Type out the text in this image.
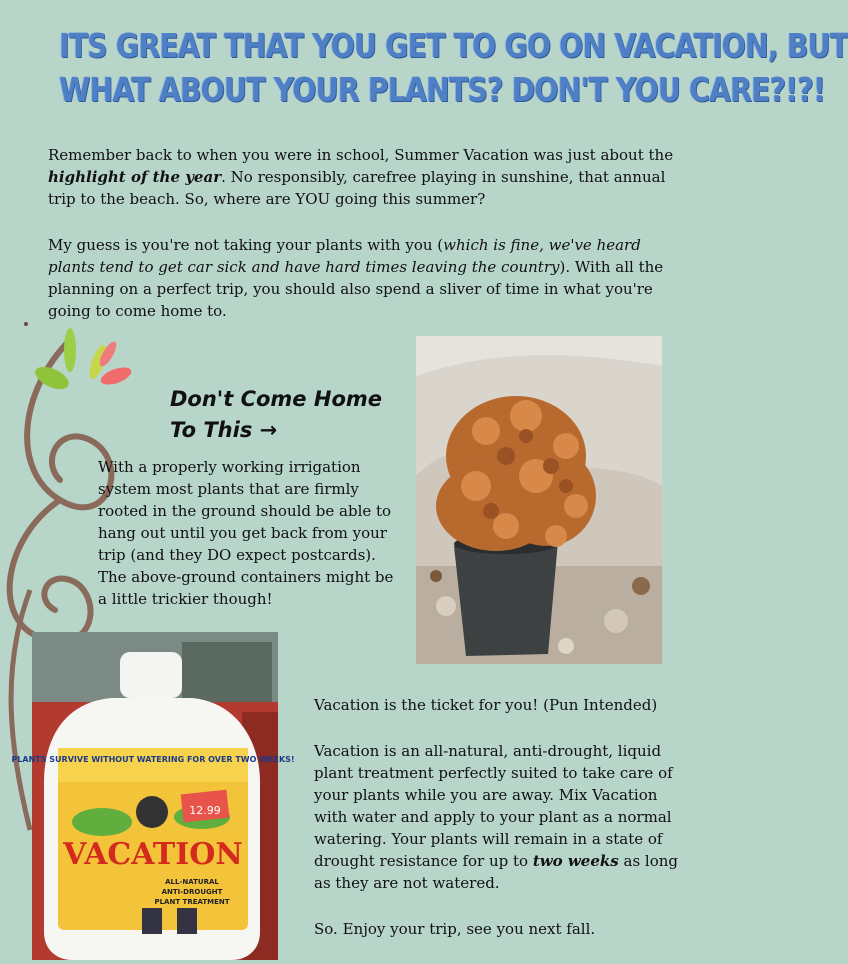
ITS GREAT THAT YOU GET TO GO ON VACATION, BUT
WHAT ABOUT YOUR PLANTS? DON'T YOU CARE?!?!

Remember back to when you were in school, Summer Vacation was just about the highlight of the year. No responsibly, carefree playing in sunshine, that annual trip to the beach. So, where are YOU going this summer?

My guess is you're not taking your plants with you (which is fine, we've heard plants tend to get car sick and have hard times leaving the country). With all the planning on a perfect trip, you should also spend a sliver of time in what you're going to come home to.

Don't Come Home
To This →

With a properly working irrigation system most plants that are firmly rooted in the ground should be able to hang out until you get back from your trip (and they DO expect postcards). The above-ground containers might be a little trickier though!

PLANTS SURVIVE WITHOUT WATERING FOR OVER TWO WEEKS!
12.99
VACATION
ALL-NATURAL
ANTI-DROUGHT
PLANT TREATMENT

Vacation is the ticket for you! (Pun Intended)

Vacation is an all-natural, anti-drought, liquid plant treatment perfectly suited to take care of your plants while you are away. Mix Vacation with water and apply to your plant as a normal watering. Your plants will remain in a state of drought resistance for up to two weeks as long as they are not watered.

So. Enjoy your trip, see you next fall.
